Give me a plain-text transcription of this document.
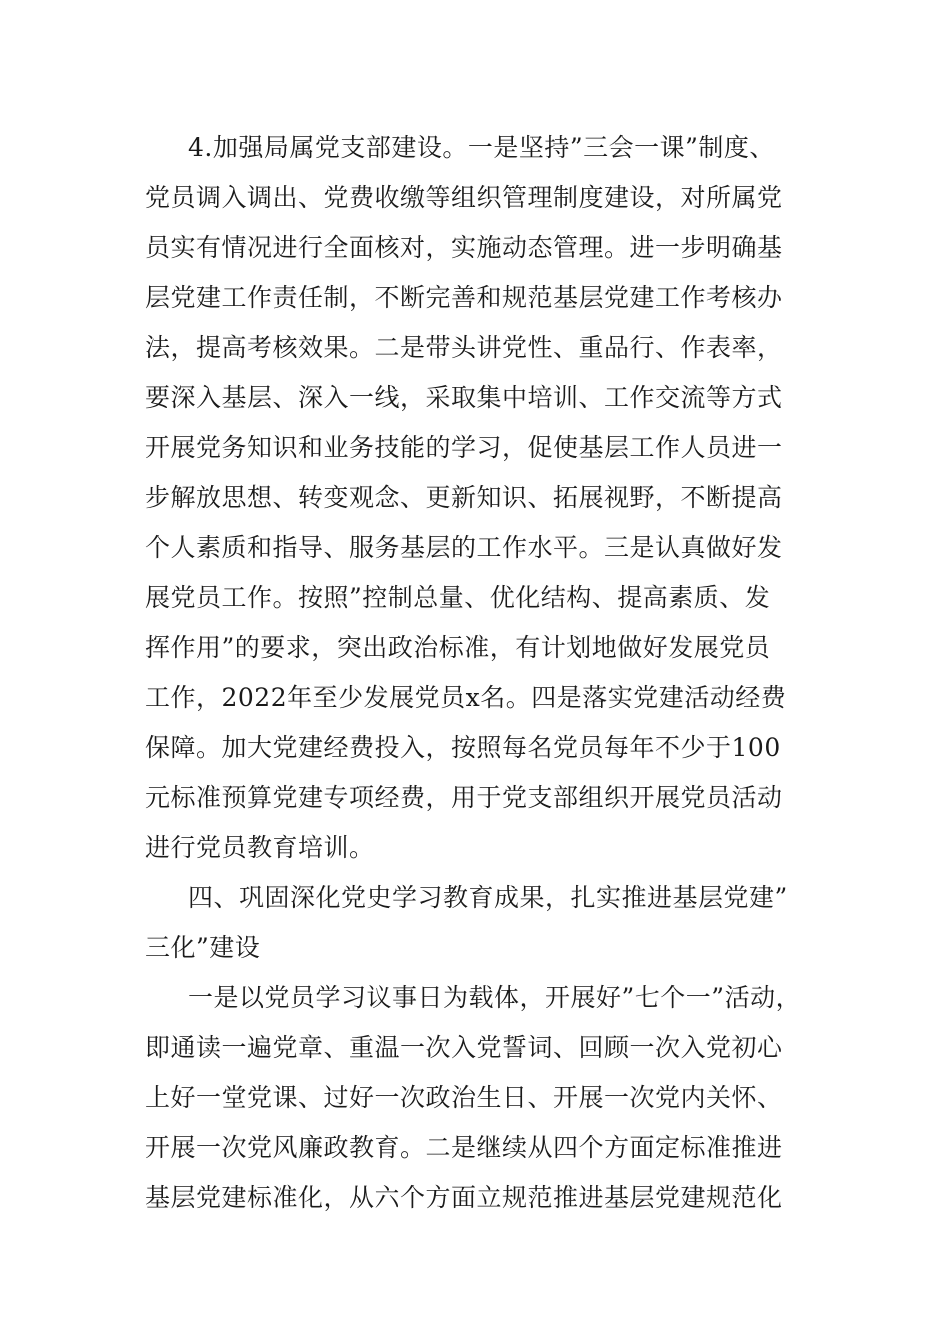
4.加强局属党支部建设。一是坚持”三会一课”制度、
党员调入调出、党费收缴等组织管理制度建设，对所属党
员实有情况进行全面核对，实施动态管理。进一步明确基
层党建工作责任制，不断完善和规范基层党建工作考核办
法，提高考核效果。二是带头讲党性、重品行、作表率，
要深入基层、深入一线，采取集中培训、工作交流等方式
开展党务知识和业务技能的学习，促使基层工作人员进一
步解放思想、转变观念、更新知识、拓展视野，不断提高
个人素质和指导、服务基层的工作水平。三是认真做好发
展党员工作。按照”控制总量、优化结构、提高素质、发
挥作用”的要求，突出政治标准，有计划地做好发展党员
工作，2022年至少发展党员x名。四是落实党建活动经费
保障。加大党建经费投入，按照每名党员每年不少于100
元标准预算党建专项经费，用于党支部组织开展党员活动
进行党员教育培训。
四、巩固深化党史学习教育成果，扎实推进基层党建”
三化”建设
一是以党员学习议事日为载体，开展好”七个一”活动，
即通读一遍党章、重温一次入党誓词、回顾一次入党初心
上好一堂党课、过好一次政治生日、开展一次党内关怀、
开展一次党风廉政教育。二是继续从四个方面定标准推进
基层党建标准化，从六个方面立规范推进基层党建规范化
